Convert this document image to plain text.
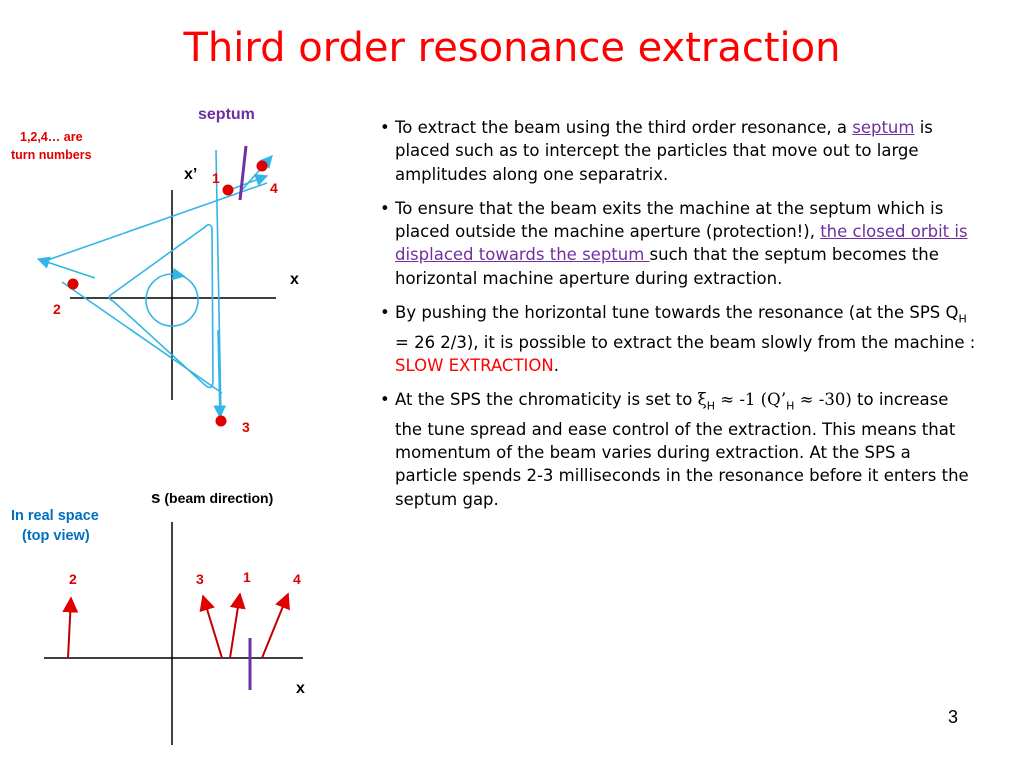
Third order resonance extraction
septum
1,2,4… are
turn numbers
x’
x
1
2
3
4
In real space
(top view)
s (beam direction)
x
2	3	1	4
• To extract the beam using the third order resonance, a septum is placed such as to intercept the particles that move out to large amplitudes along one separatrix.
• To ensure that the beam exits the machine at the septum which is placed outside the machine aperture (protection!), the closed orbit is displaced towards the septum such that the septum becomes the horizontal machine aperture during extraction.
• By pushing the horizontal tune towards the resonance (at the SPS $Q_H = 26$ 2/3), it is possible to extract the beam slowly from the machine : SLOW EXTRACTION.
• At the SPS the chromaticity is set to $\xi_H \approx -1$ $(Q’_H \approx -30)$ to increase the tune spread and ease control of the extraction. This means that momentum of the beam varies during extraction. At the SPS a particle spends 2-3 milliseconds in the resonance before it enters the septum gap.
3
